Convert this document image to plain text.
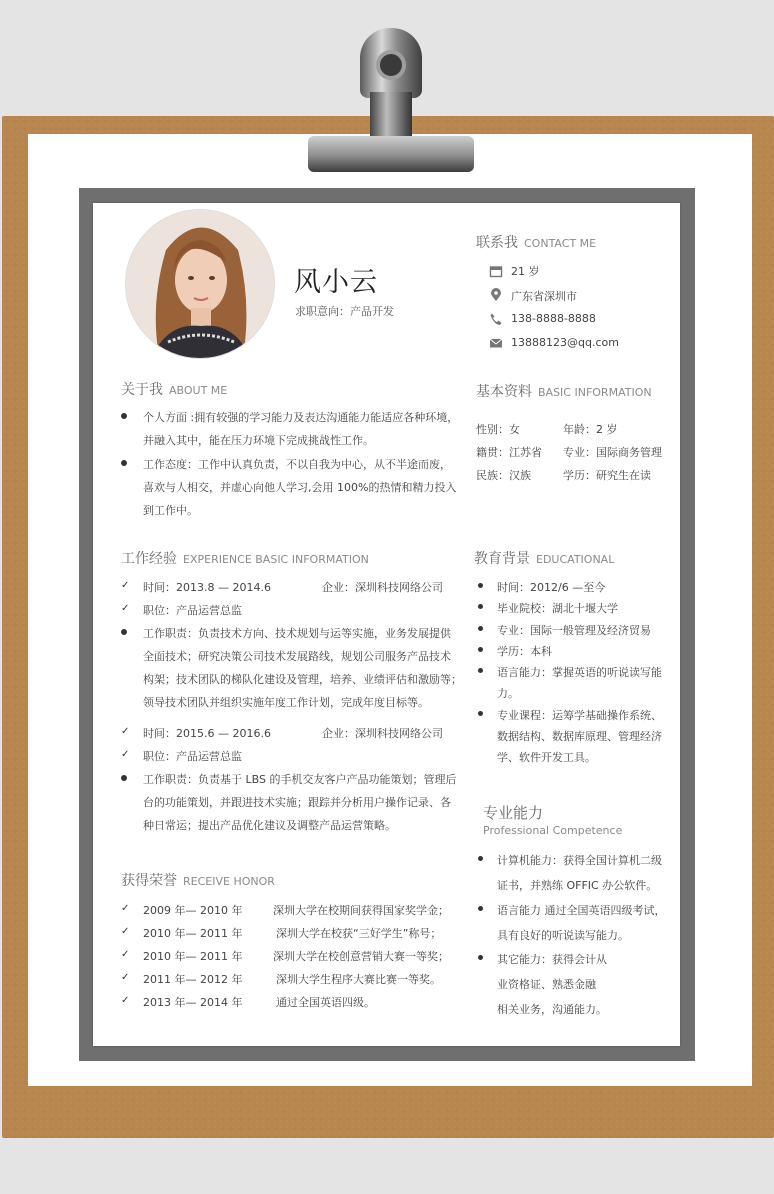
风小云
求职意向：产品开发
联系我 CONTACT ME
21 岁
广东省深圳市
138-8888-8888
13888123@qq.com
基本资料 BASIC INFORMATION
性别：女	年龄：2 岁
籍贯：江苏省 专业：国际商务管理
民族：汉族	学历：研究生在读
关于我 ABOUT ME
个人方面 :拥有较强的学习能力及表达沟通能力能适应各种环境，
并融入其中，能在压力环境下完成挑战性工作。
工作态度：工作中认真负责，不以自我为中心，从不半途而废，
喜欢与人相交，并虚心向他人学习,会用 100%的热情和精力投入
到工作中。
工作经验 EXPERIENCE BASIC INFORMATION
✓ 时间：2013.8 — 2014.6	企业：深圳科技网络公司
✓ 职位：产品运营总监
工作职责：负责技术方向、技术规划与运等实施，业务发展提供
全面技术；研究决策公司技术发展路线，规划公司服务产品技术
构架；技术团队的梯队化建设及管理，培养、业绩评估和激励等；
领导技术团队并组织实施年度工作计划，完成年度目标等。
✓ 时间：2015.6 — 2016.6	企业：深圳科技网络公司
✓ 职位：产品运营总监
工作职责：负责基于 LBS 的手机交友客户产品功能策划；管理后
台的功能策划，并跟进技术实施；跟踪并分析用户操作记录、各
种日常运；提出产品优化建议及调整产品运营策略。
获得荣誉 RECEIVE HONOR
✓ 2009 年— 2010 年	深圳大学在校期间获得国家奖学金；
✓ 2010 年— 2011 年	深圳大学在校获“三好学生”称号；
✓ 2010 年— 2011 年	深圳大学在校创意营销大赛一等奖；
✓ 2011 年— 2012 年	深圳大学生程序大赛比赛一等奖。
✓ 2013 年— 2014 年	通过全国英语四级。
教育背景 EDUCATIONAL
时间：2012/6 —至今
毕业院校：湖北十堰大学
专业：国际一般管理及经济贸易
学历：本科
语言能力：掌握英语的听说读写能
力。
专业课程：运筹学基础操作系统、
数据结构、数据库原理、管理经济
学、软件开发工具。
专业能力
Professional Competence
计算机能力：获得全国计算机二级
证书，并熟练 OFFIC 办公软件。
语言能力 通过全国英语四级考试，
具有良好的听说读写能力。
其它能力：获得会计从
业资格证、熟悉金融
相关业务，沟通能力。
